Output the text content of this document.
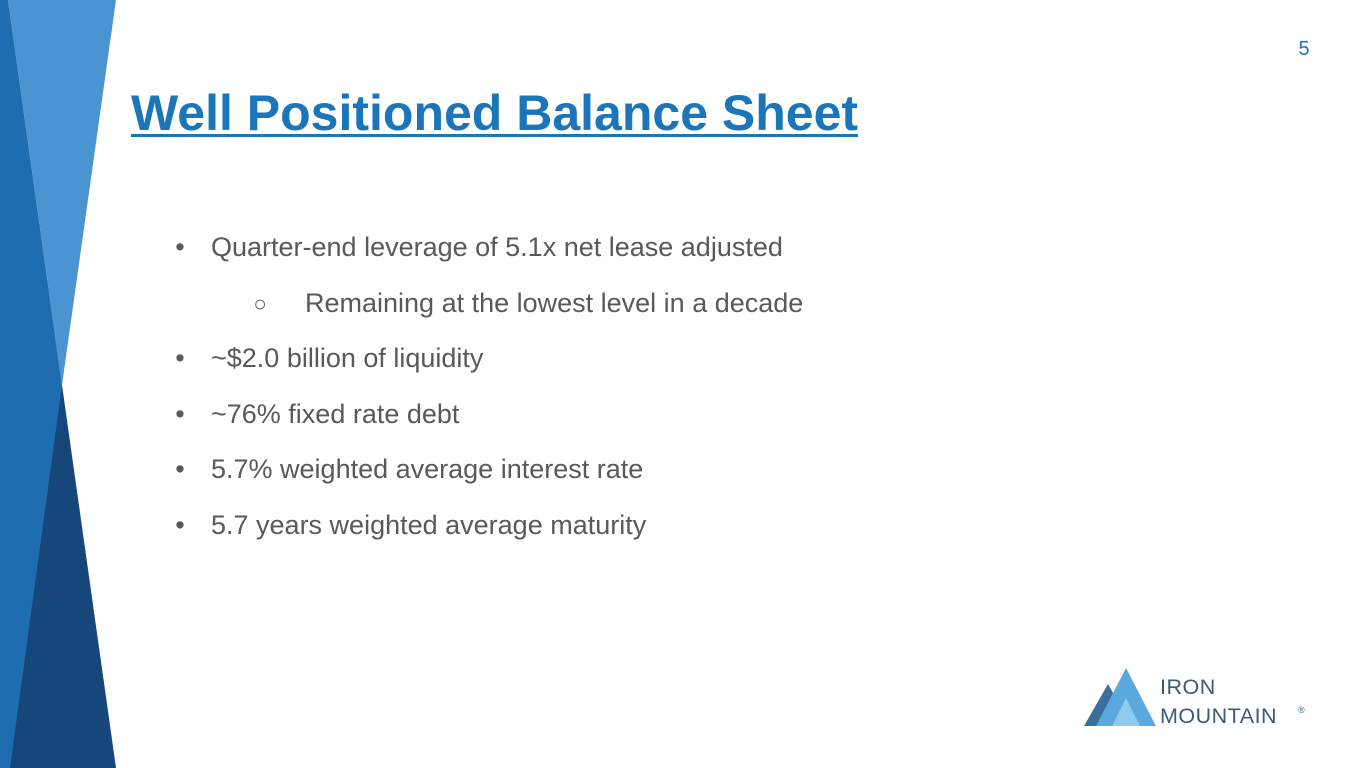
5
Well Positioned Balance Sheet
• Quarter-end leverage of 5.1x net lease adjusted
○ Remaining at the lowest level in a decade
• ~$2.0 billion of liquidity
• ~76% fixed rate debt
• 5.7% weighted average interest rate
• 5.7 years weighted average maturity
IRON
MOUNTAIN ®
